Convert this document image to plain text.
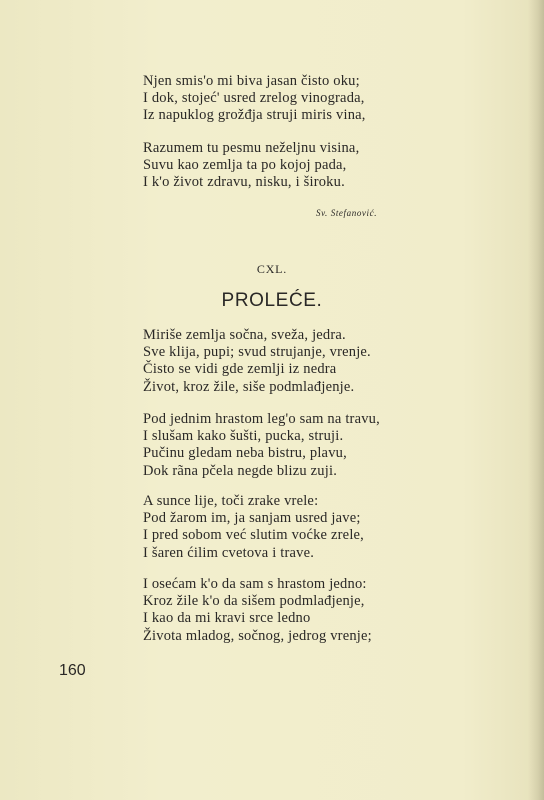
Njen smis'o mi biva jasan čisto oku;
I dok, stojeć' usred zrelog vinograda,
Iz napuklog grožđja struji miris vina,
Razumem tu pesmu neželjnu visina,
Suvu kao zemlja ta po kojoj pada,
I k'o život zdravu, nisku, i široku.
Sv. Stefanović.
CXL.
PROLEĆE.
Miriše zemlja sočna, sveža, jedra.
Sve klija, pupi; svud strujanje, vrenje.
Čisto se vidi gde zemlji iz nedra
Život, kroz žile, siše podmlađjenje.
Pod jednim hrastom leg'o sam na travu,
I slušam kako šušti, pucka, struji.
Pučinu gledam neba bistru, plavu,
Dok rãna pčela negde blizu zuji.
A sunce lije, toči zrake vrele:
Pod žarom im, ja sanjam usred jave;
I pred sobom već slutim voćke zrele,
I šaren ćilim cvetova i trave.
I osećam k'o da sam s hrastom jedno:
Kroz žile k'o da sišem podmlađjenje,
I kao da mi kravi srce ledno
Života mladog, sočnog, jedrog vrenje;
160
